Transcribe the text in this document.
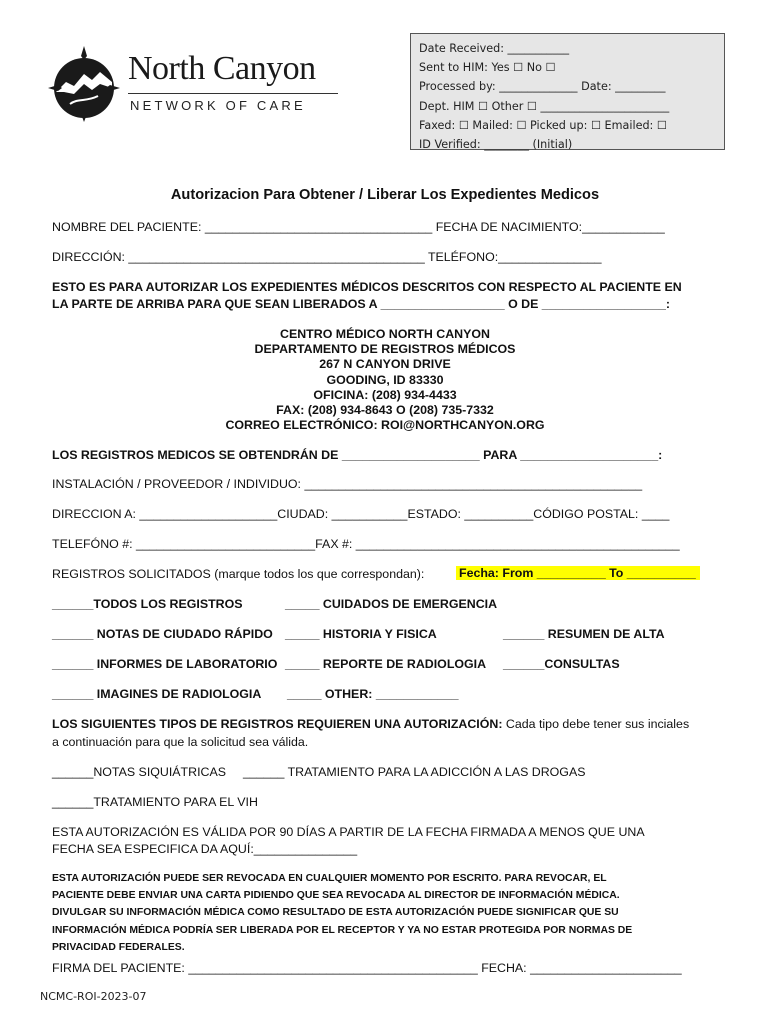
North Canyon
NETWORK OF CARE
Date Received: ___________
Sent to HIM: Yes ☐ No ☐
Processed by: ______________ Date: _________
Dept. HIM ☐ Other ☐ _______________________
Faxed: ☐ Mailed: ☐ Picked up: ☐ Emailed: ☐
ID Verified: ________ (Initial)
Autorizacion Para Obtener / Liberar Los Expedientes Medicos
NOMBRE DEL PACIENTE: _________________________________ FECHA DE NACIMIENTO:____________
DIRECCIÓN: ___________________________________________ TELÉFONO:_______________
ESTO ES PARA AUTORIZAR LOS EXPEDIENTES MÉDICOS DESCRITOS CON RESPECTO AL PACIENTE EN
LA PARTE DE ARRIBA PARA QUE SEAN LIBERADOS A __________________ O DE __________________:
CENTRO MÉDICO NORTH CANYON
DEPARTAMENTO DE REGISTROS MÉDICOS
267 N CANYON DRIVE
GOODING, ID 83330
OFICINA: (208) 934-4433
FAX: (208) 934-8643 O (208) 735-7332
CORREO ELECTRÓNICO: ROI@NORTHCANYON.ORG
LOS REGISTROS MEDICOS SE OBTENDRÁN DE ____________________ PARA ____________________:
INSTALACIÓN / PROVEEDOR / INDIVIDUO: _________________________________________________
DIRECCION A: ____________________CIUDAD: ___________ESTADO: __________CÓDIGO POSTAL: ____
TELEFÓNO #: __________________________FAX #: _______________________________________________
REGISTROS SOLICITADOS (marque todos los que correspondan):	Fecha: From __________ To __________
______TODOS LOS REGISTROS	_____ CUIDADOS DE EMERGENCIA
______ NOTAS DE CIUDADO RÁPIDO _____ HISTORIA Y FISICA	______ RESUMEN DE ALTA
______ INFORMES DE LABORATORIO _____ REPORTE DE RADIOLOGIA ______CONSULTAS
______ IMAGINES DE RADIOLOGIA _____ OTHER: ____________
LOS SIGUIENTES TIPOS DE REGISTROS REQUIEREN UNA AUTORIZACIÓN: Cada tipo debe tener sus inciales
a continuación para que la solicitud sea válida.
______NOTAS SIQUIÁTRICAS ______ TRATAMIENTO PARA LA ADICCIÓN A LAS DROGAS
______TRATAMIENTO PARA EL VIH
ESTA AUTORIZACIÓN ES VÁLIDA POR 90 DÍAS A PARTIR DE LA FECHA FIRMADA A MENOS QUE UNA
FECHA SEA ESPECIFICA DA AQUÍ:_______________
ESTA AUTORIZACIÓN PUEDE SER REVOCADA EN CUALQUIER MOMENTO POR ESCRITO. PARA REVOCAR, EL
PACIENTE DEBE ENVIAR UNA CARTA PIDIENDO QUE SEA REVOCADA AL DIRECTOR DE INFORMACIÓN MÉDICA.
DIVULGAR SU INFORMACIÓN MÉDICA COMO RESULTADO DE ESTA AUTORIZACIÓN PUEDE SIGNIFICAR QUE SU
INFORMACIÓN MÉDICA PODRÍA SER LIBERADA POR EL RECEPTOR Y YA NO ESTAR PROTEGIDA POR NORMAS DE
PRIVACIDAD FEDERALES.
FIRMA DEL PACIENTE: __________________________________________ FECHA: ______________________
NCMC-ROI-2023-07
